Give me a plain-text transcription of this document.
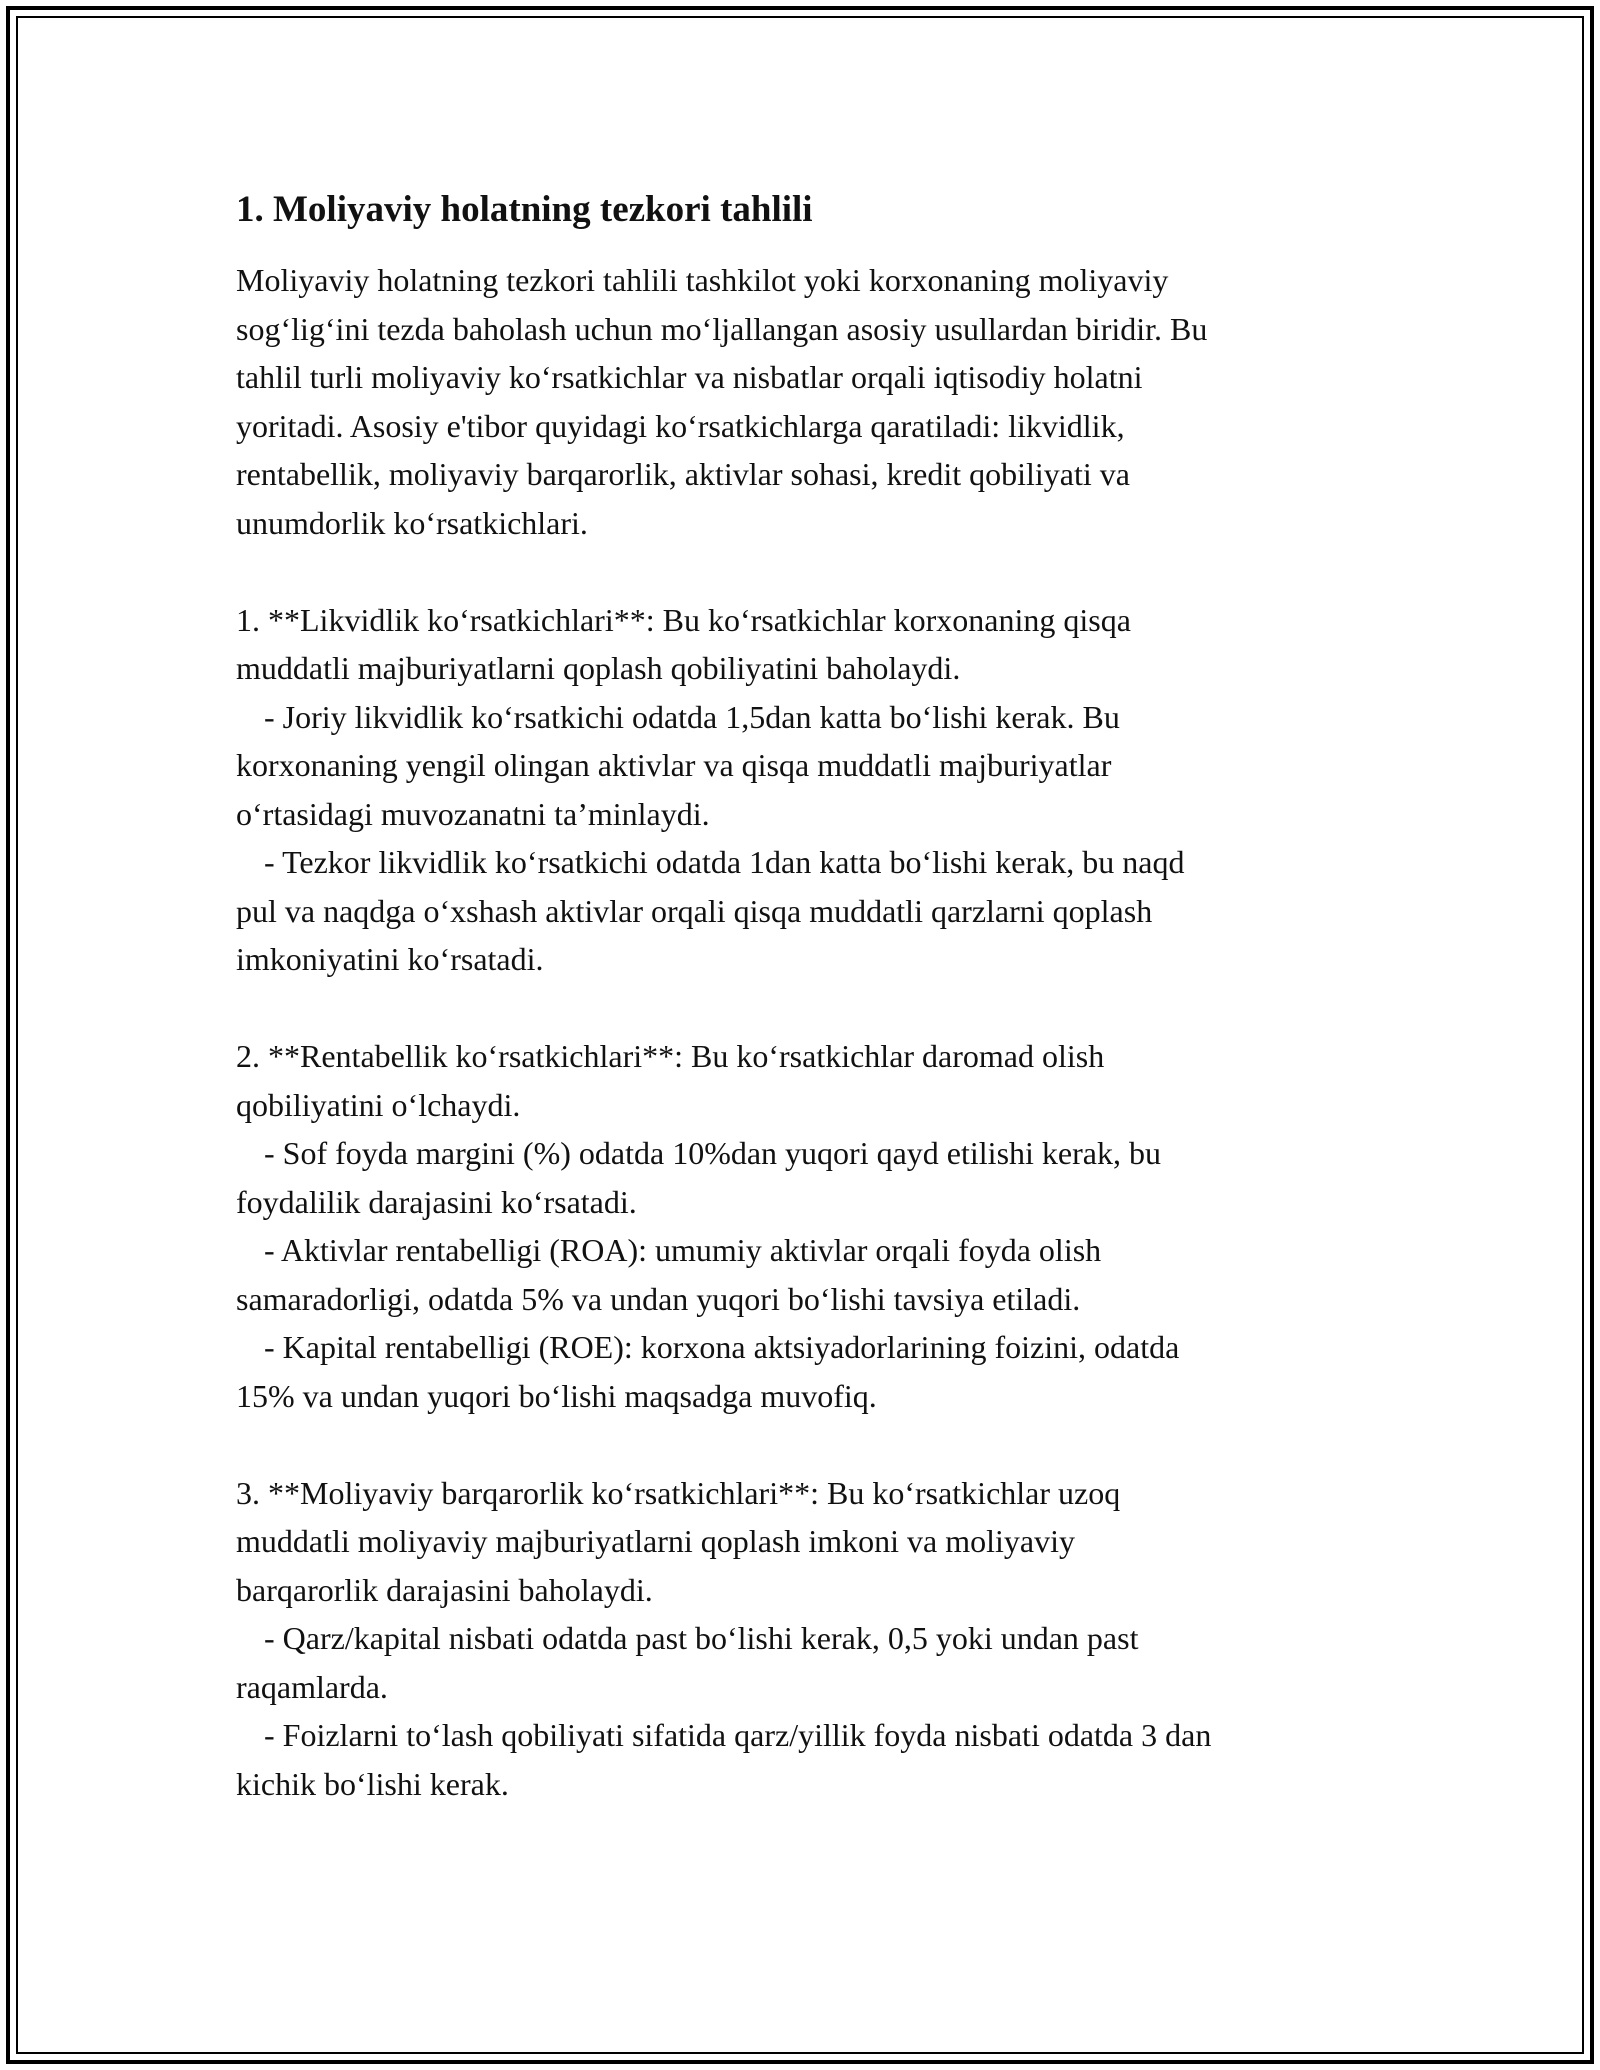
1. Moliyaviy holatning tezkori tahlili

Moliyaviy holatning tezkori tahlili tashkilot yoki korxonaning moliyaviy
sog‘lig‘ini tezda baholash uchun mo‘ljallangan asosiy usullardan biridir. Bu
tahlil turli moliyaviy ko‘rsatkichlar va nisbatlar orqali iqtisodiy holatni
yoritadi. Asosiy e'tibor quyidagi ko‘rsatkichlarga qaratiladi: likvidlik,
rentabellik, moliyaviy barqarorlik, aktivlar sohasi, kredit qobiliyati va
unumdorlik ko‘rsatkichlari.

1. **Likvidlik ko‘rsatkichlari**: Bu ko‘rsatkichlar korxonaning qisqa
muddatli majburiyatlarni qoplash qobiliyatini baholaydi.

- Joriy likvidlik ko‘rsatkichi odatda 1,5dan katta bo‘lishi kerak. Bu

korxonaning yengil olingan aktivlar va qisqa muddatli majburiyatlar
o‘rtasidagi muvozanatni ta’minlaydi.

- Tezkor likvidlik ko‘rsatkichi odatda 1dan katta bo‘lishi kerak, bu naqd

pul va naqdga o‘xshash aktivlar orqali qisqa muddatli qarzlarni qoplash
imkoniyatini ko‘rsatadi.

2. **Rentabellik ko‘rsatkichlari**: Bu ko‘rsatkichlar daromad olish
qobiliyatini o‘lchaydi.

- Sof foyda margini (%) odatda 10%dan yuqori qayd etilishi kerak, bu

foydalilik darajasini ko‘rsatadi.

- Aktivlar rentabelligi (ROA): umumiy aktivlar orqali foyda olish

samaradorligi, odatda 5% va undan yuqori bo‘lishi tavsiya etiladi.

- Kapital rentabelligi (ROE): korxona aktsiyadorlarining foizini, odatda

15% va undan yuqori bo‘lishi maqsadga muvofiq.

3. **Moliyaviy barqarorlik ko‘rsatkichlari**: Bu ko‘rsatkichlar uzoq
muddatli moliyaviy majburiyatlarni qoplash imkoni va moliyaviy
barqarorlik darajasini baholaydi.

- Qarz/kapital nisbati odatda past bo‘lishi kerak, 0,5 yoki undan past

raqamlarda.

- Foizlarni to‘lash qobiliyati sifatida qarz/yillik foyda nisbati odatda 3 dan

kichik bo‘lishi kerak.
